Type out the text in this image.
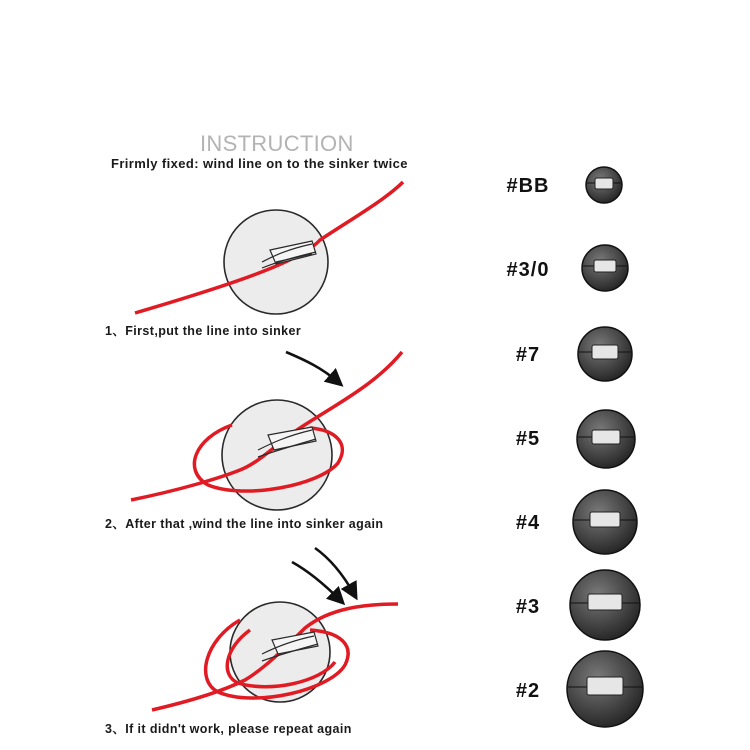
INSTRUCTION
Frirmly fixed: wind line on to the sinker twice
1、First,put the line into sinker
2、After that ,wind the line into sinker again
3、If it didn't work, please repeat again
#BB
#3/0
#7
#5
#4
#3
#2
